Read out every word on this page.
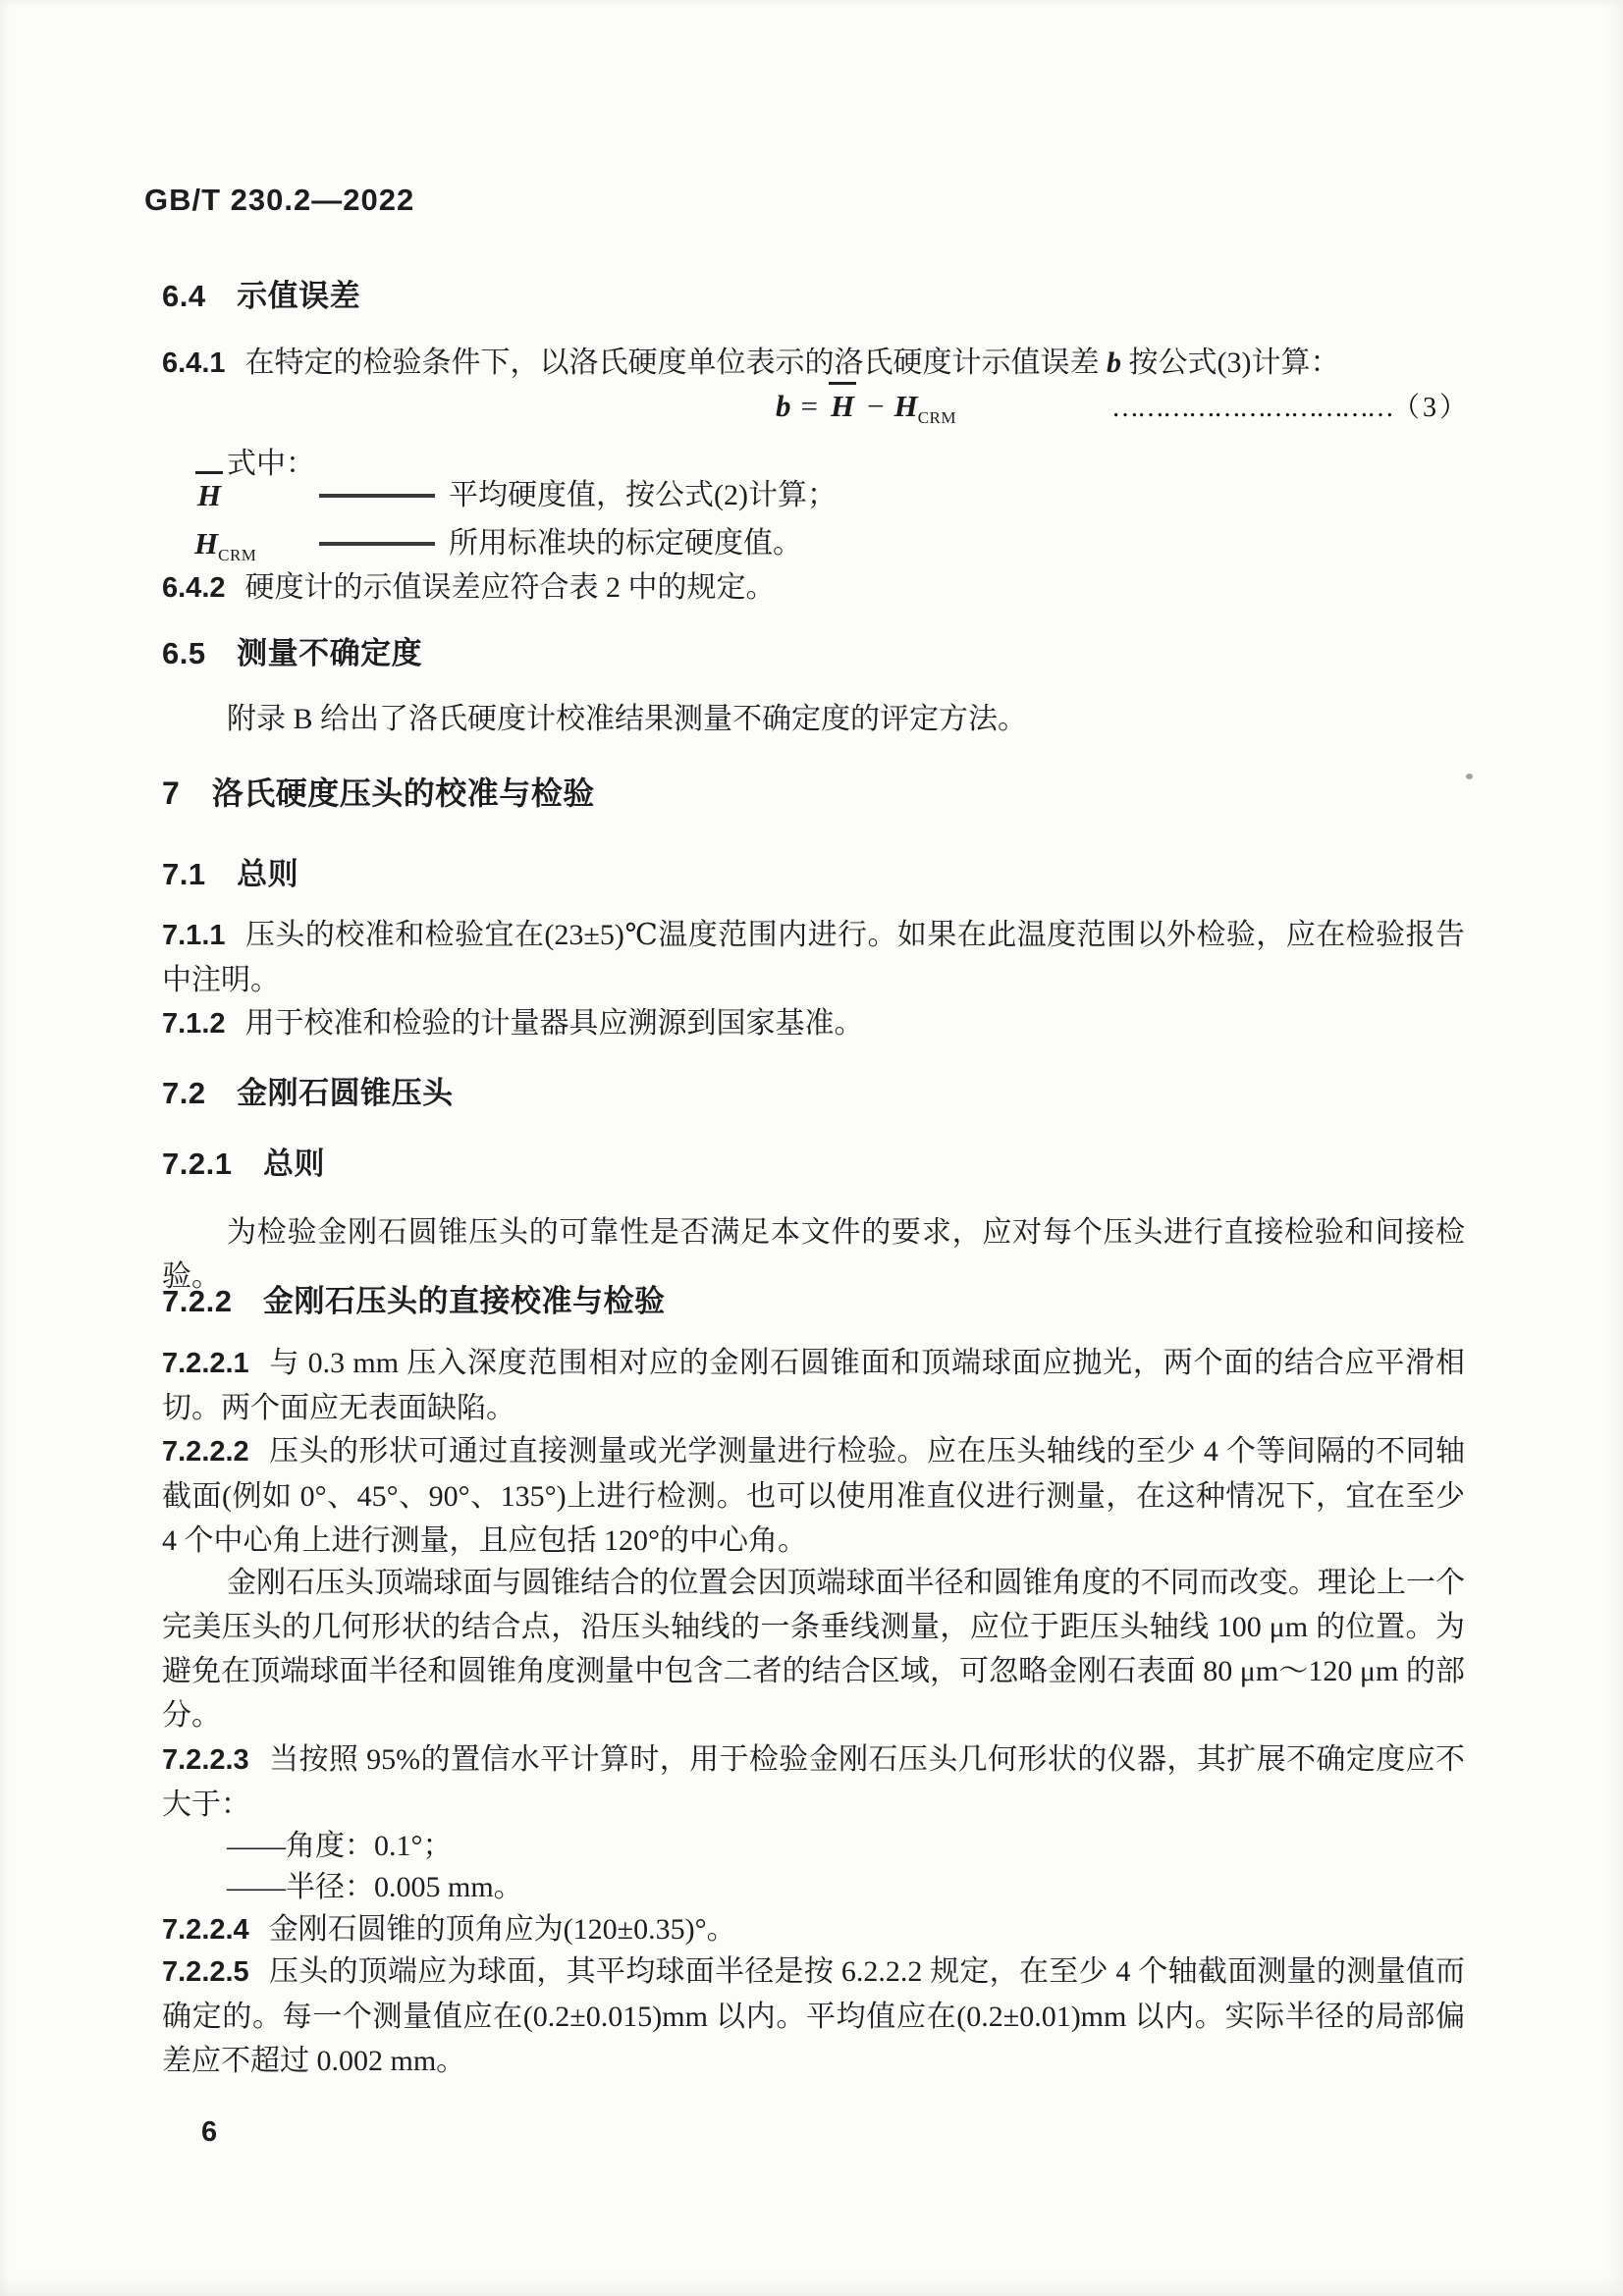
GB/T 230.2—2022
6.4　示值误差

6.4.1 在特定的检验条件下，以洛氏硬度单位表示的洛氏硬度计示值误差 b 按公式(3)计算：

$b = H - H_{CRM}$	……………………………（ 3 ）

式中：

H	平均硬度值，按公式(2)计算；
$H_{CRM}$	所用标准块的标定硬度值。

6.4.2 硬度计的示值误差应符合表 2 中的规定。

6.5　测量不确定度

附录 B 给出了洛氏硬度计校准结果测量不确定度的评定方法。

7　洛氏硬度压头的校准与检验
7.1　总则

7.1.1 压头的校准和检验宜在(23±5)℃温度范围内进行。如果在此温度范围以外检验，应在检验报告中注明。

7.1.2 用于校准和检验的计量器具应溯源到国家基准。

7.2　金刚石圆锥压头
7.2.1　总则

为检验金刚石圆锥压头的可靠性是否满足本文件的要求，应对每个压头进行直接检验和间接检验。

7.2.2　金刚石压头的直接校准与检验

7.2.2.1 与 0.3 mm 压入深度范围相对应的金刚石圆锥面和顶端球面应抛光，两个面的结合应平滑相切。两个面应无表面缺陷。

7.2.2.2 压头的形状可通过直接测量或光学测量进行检验。应在压头轴线的至少 4 个等间隔的不同轴截面(例如 0°、45°、90°、135°)上进行检测。也可以使用准直仪进行测量，在这种情况下，宜在至少 4 个中心角上进行测量，且应包括 120°的中心角。

金刚石压头顶端球面与圆锥结合的位置会因顶端球面半径和圆锥角度的不同而改变。理论上一个完美压头的几何形状的结合点，沿压头轴线的一条垂线测量，应位于距压头轴线 100 μm 的位置。为避免在顶端球面半径和圆锥角度测量中包含二者的结合区域，可忽略金刚石表面 80 μm～120 μm 的部分。

7.2.2.3 当按照 95%的置信水平计算时，用于检验金刚石压头几何形状的仪器，其扩展不确定度应不大于：

——角度：0.1°；

——半径：0.005 mm。

7.2.2.4 金刚石圆锥的顶角应为(120±0.35)°。

7.2.2.5 压头的顶端应为球面，其平均球面半径是按 6.2.2.2 规定，在至少 4 个轴截面测量的测量值而确定的。每一个测量值应在(0.2±0.015)mm 以内。平均值应在(0.2±0.01)mm 以内。实际半径的局部偏差应不超过 0.002 mm。

6
